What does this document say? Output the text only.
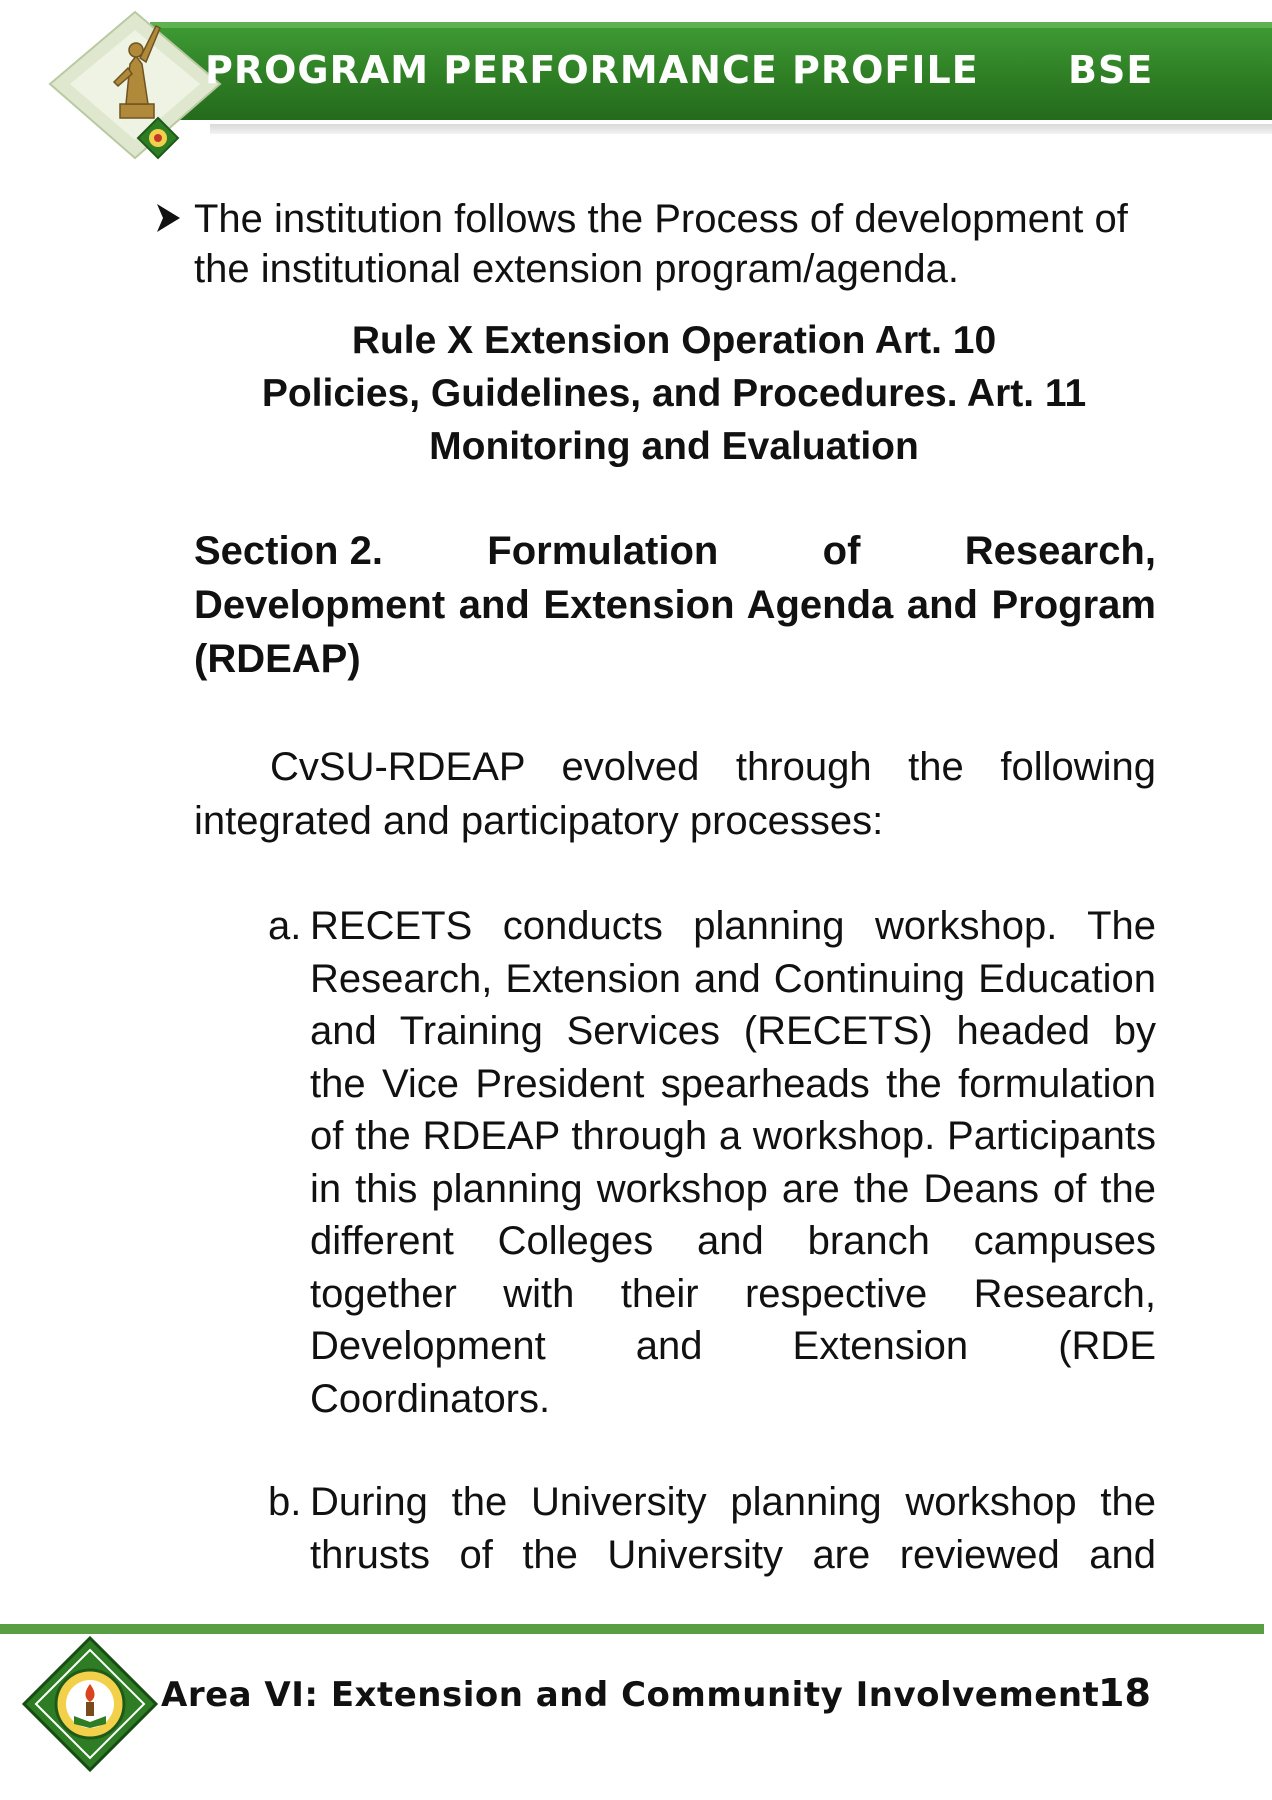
PROGRAM PERFORMANCE PROFILE BSE
The institution follows the Process of development of the institutional extension program/agenda.
Rule X Extension Operation Art. 10
Policies, Guidelines, and Procedures. Art. 11
Monitoring and Evaluation
Section 2.	Formulation	of	Research,
Development and Extension Agenda and Program (RDEAP)
CvSU-RDEAP evolved through the following integrated and participatory processes:
a. RECETS conducts planning workshop. The Research, Extension and Continuing Education and Training Services (RECETS) headed by the Vice President spearheads the formulation of the RDEAP through a workshop. Participants in this planning workshop are the Deans of the different Colleges and branch campuses together with their respective Research, Development and Extension (RDE Coordinators.
b. During the University planning workshop the thrusts of the University are reviewed and
Area VI: Extension and Community Involvement
18
